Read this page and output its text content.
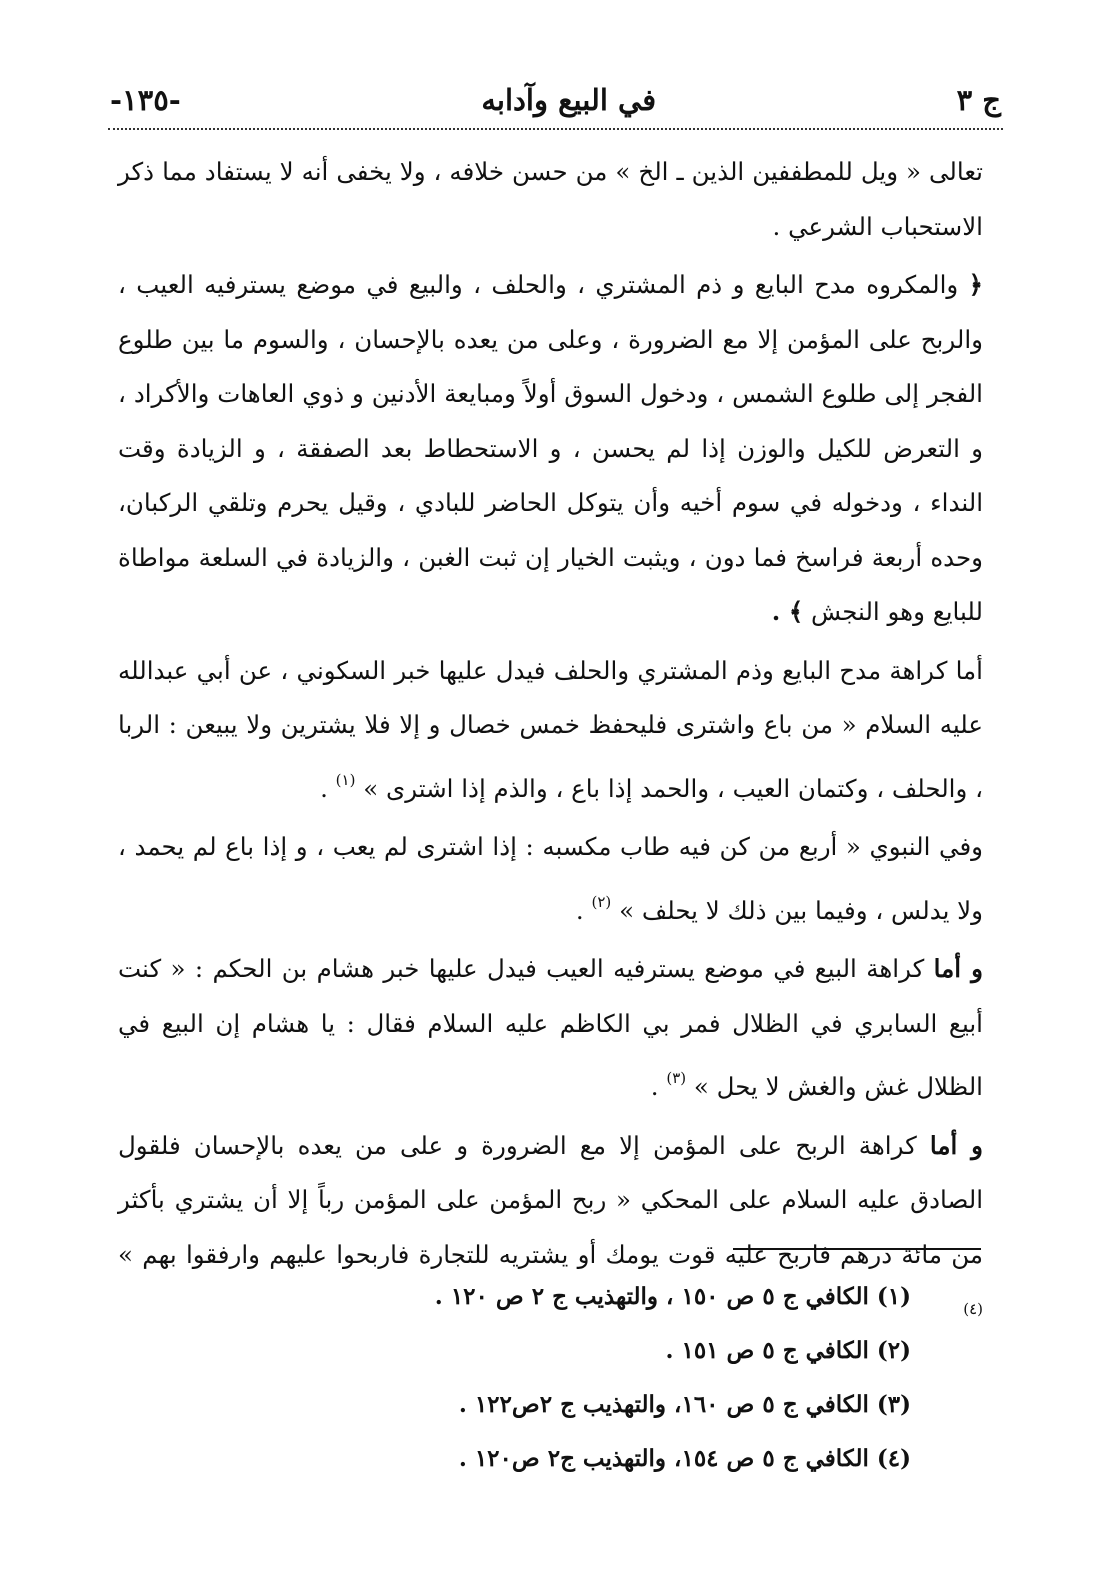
ج ٣
في البيع وآدابه
-١٣٥-

تعالى « ويل للمطففين الذين ـ الخ » من حسن خلافه ، ولا يخفى أنه لا يستفاد مما ذكر الاستحباب الشرعي .

﴿ والمكروه مدح البايع و ذم المشتري ، والحلف ، والبيع في موضع يسترفيه العيب ، والربح على المؤمن إلا مع الضرورة ، وعلى من يعده بالإحسان ، والسوم ما بين طلوع الفجر إلى طلوع الشمس ، ودخول السوق أولاً ومبايعة الأدنين و ذوي العاهات والأكراد ، و التعرض للكيل والوزن إذا لم يحسن ، و الاستحطاط بعد الصفقة ، و الزيادة وقت النداء ، ودخوله في سوم أخيه وأن يتوكل الحاضر للبادي ، وقيل يحرم وتلقي الركبان، وحده أربعة فراسخ فما دون ، ويثبت الخيار إن ثبت الغبن ، والزيادة في السلعة مواطاة للبايع وهو النجش ﴾ .

أما كراهة مدح البايع وذم المشتري والحلف فيدل عليها خبر السكوني ، عن أبي عبدالله عليه السلام « من باع واشترى فليحفظ خمس خصال و إلا فلا يشترين ولا يبيعن : الربا ، والحلف ، وكتمان العيب ، والحمد إذا باع ، والذم إذا اشترى » $^{(١)}$ .

وفي النبوي « أربع من كن فيه طاب مكسبه : إذا اشترى لم يعب ، و إذا باع لم يحمد ، ولا يدلس ، وفيما بين ذلك لا يحلف » $^{(٢)}$ .

و أما كراهة البيع في موضع يسترفيه العيب فيدل عليها خبر هشام بن الحكم : « كنت أبيع السابري في الظلال فمر بي الكاظم عليه السلام فقال : يا هشام إن البيع في الظلال غش والغش لا يحل » $^{(٣)}$ .

و أما كراهة الربح على المؤمن إلا مع الضرورة و على من يعده بالإحسان فلقول الصادق عليه السلام على المحكي « ربح المؤمن على المؤمن رباً إلا أن يشتري بأكثر من مائة درهم فاربح عليه قوت يومك أو يشتريه للتجارة فاربحوا عليهم وارفقوا بهم » $^{(٤)}$

(١) الكافي ج ٥ ص ١٥٠ ، والتهذيب ج ٢ ص ١٢٠ .
(٢) الكافي ج ٥ ص ١٥١ .
(٣) الكافي ج ٥ ص ١٦٠، والتهذيب ج ٢ص١٢٢ .
(٤) الكافي ج ٥ ص ١٥٤، والتهذيب ج٢ ص١٢٠ .
